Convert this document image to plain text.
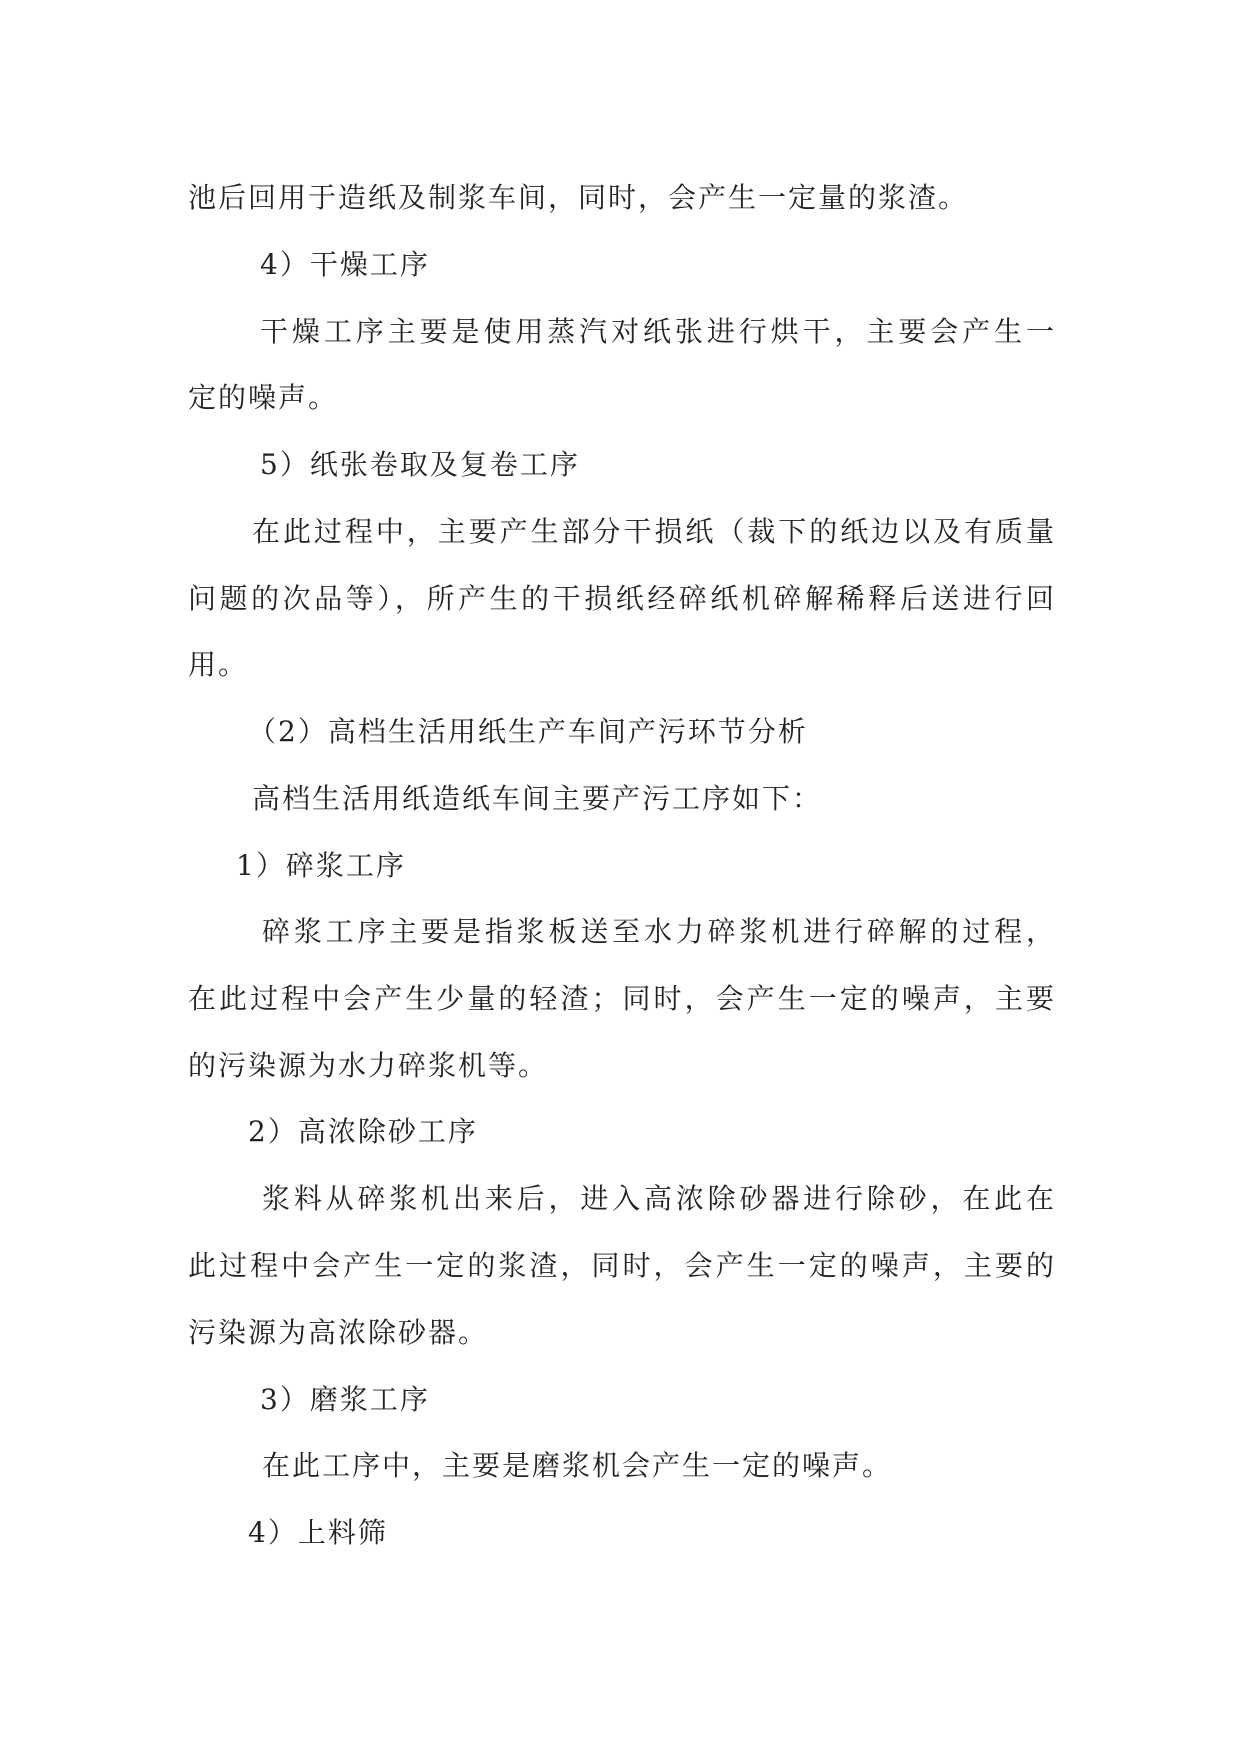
池后回用于造纸及制浆车间，同时，会产生一定量的浆渣。
4）干燥工序
干燥工序主要是使用蒸汽对纸张进行烘干，主要会产生一
定的噪声。
5）纸张卷取及复卷工序
在此过程中，主要产生部分干损纸（裁下的纸边以及有质量
问题的次品等），所产生的干损纸经碎纸机碎解稀释后送进行回
用。
（2）高档生活用纸生产车间产污环节分析
高档生活用纸造纸车间主要产污工序如下：
1）碎浆工序
碎浆工序主要是指浆板送至水力碎浆机进行碎解的过程，
在此过程中会产生少量的轻渣；同时，会产生一定的噪声，主要
的污染源为水力碎浆机等。
2）高浓除砂工序
浆料从碎浆机出来后，进入高浓除砂器进行除砂，在此在
此过程中会产生一定的浆渣，同时，会产生一定的噪声，主要的
污染源为高浓除砂器。
3）磨浆工序
在此工序中，主要是磨浆机会产生一定的噪声。
4）上料筛
